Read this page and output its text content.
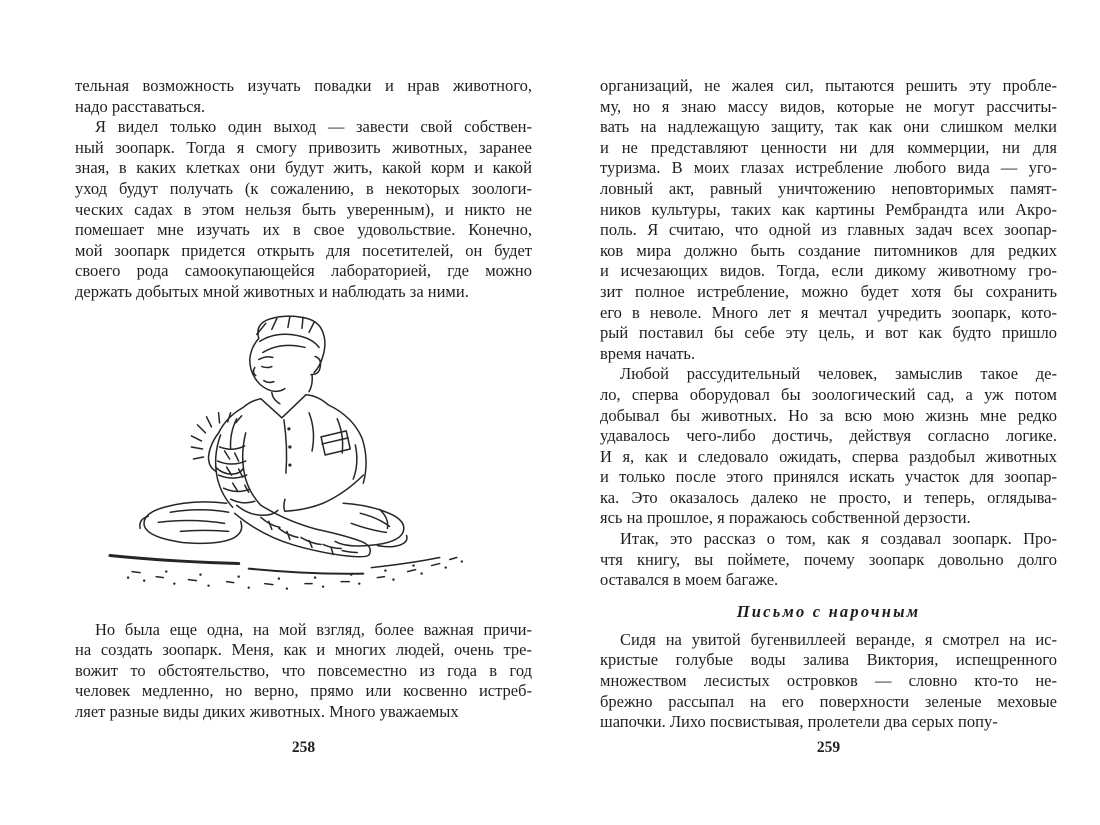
тельная возможность изучать повадки и нрав животного,
надо расставаться.
Я видел только один выход — завести свой собствен-
ный зоопарк. Тогда я смогу привозить животных, заранее
зная, в каких клетках они будут жить, какой корм и какой
уход будут получать (к сожалению, в некоторых зоологи-
ческих садах в этом нельзя быть уверенным), и никто не
помешает мне изучать их в свое удовольствие. Конечно,
мой зоопарк придется открыть для посетителей, он будет
своего рода самоокупающейся лабораторией, где можно
держать добытых мной животных и наблюдать за ними.
Но была еще одна, на мой взгляд, более важная причи-
на создать зоопарк. Меня, как и многих людей, очень тре-
вожит то обстоятельство, что повсеместно из года в год
человек медленно, но верно, прямо или косвенно истреб-
ляет разные виды диких животных. Много уважаемых
258
организаций, не жалея сил, пытаются решить эту пробле-
му, но я знаю массу видов, которые не могут рассчиты-
вать на надлежащую защиту, так как они слишком мелки
и не представляют ценности ни для коммерции, ни для
туризма. В моих глазах истребление любого вида — уго-
ловный акт, равный уничтожению неповторимых памят-
ников культуры, таких как картины Рембрандта или Акро-
поль. Я считаю, что одной из главных задач всех зоопар-
ков мира должно быть создание питомников для редких
и исчезающих видов. Тогда, если дикому животному гро-
зит полное истребление, можно будет хотя бы сохранить
его в неволе. Много лет я мечтал учредить зоопарк, кото-
рый поставил бы себе эту цель, и вот как будто пришло
время начать.
Любой рассудительный человек, замыслив такое де-
ло, сперва оборудовал бы зоологический сад, а уж потом
добывал бы животных. Но за всю мою жизнь мне редко
удавалось чего-либо достичь, действуя согласно логике.
И я, как и следовало ожидать, сперва раздобыл животных
и только после этого принялся искать участок для зоопар-
ка. Это оказалось далеко не просто, и теперь, оглядыва-
ясь на прошлое, я поражаюсь собственной дерзости.
Итак, это рассказ о том, как я создавал зоопарк. Про-
чтя книгу, вы поймете, почему зоопарк довольно долго
оставался в моем багаже.
Письмо с нарочным
Сидя на увитой бугенвиллеей веранде, я смотрел на ис-
кристые голубые воды залива Виктория, испещренного
множеством лесистых островков — словно кто-то не-
брежно рассыпал на его поверхности зеленые меховые
шапочки. Лихо посвистывая, пролетели два серых попу-
259
